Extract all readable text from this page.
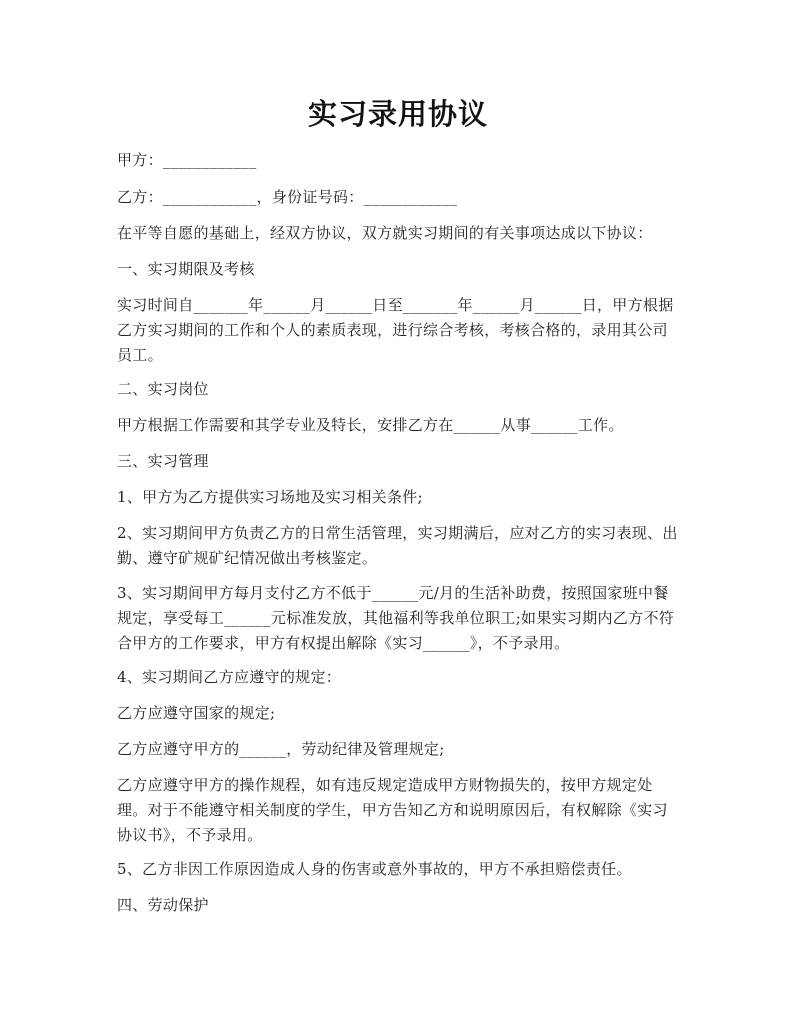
实习录用协议
甲方：____________
乙方：____________，身份证号码：____________
在平等自愿的基础上，经双方协议，双方就实习期间的有关事项达成以下协议：
一、实习期限及考核
实习时间自_______年______月______日至_______年______月______日，甲方根据乙方实习期间的工作和个人的素质表现，进行综合考核，考核合格的，录用其公司员工。
二、实习岗位
甲方根据工作需要和其学专业及特长，安排乙方在______从事______工作。
三、实习管理
1、甲方为乙方提供实习场地及实习相关条件;
2、实习期间甲方负责乙方的日常生活管理，实习期满后，应对乙方的实习表现、出勤、遵守矿规矿纪情况做出考核鉴定。
3、实习期间甲方每月支付乙方不低于______元/月的生活补助费，按照国家班中餐规定，享受每工______元标准发放，其他福利等我单位职工;如果实习期内乙方不符合甲方的工作要求，甲方有权提出解除《实习______》，不予录用。
4、实习期间乙方应遵守的规定：
乙方应遵守国家的规定;
乙方应遵守甲方的______，劳动纪律及管理规定;
乙方应遵守甲方的操作规程，如有违反规定造成甲方财物损失的，按甲方规定处理。对于不能遵守相关制度的学生，甲方告知乙方和说明原因后，有权解除《实习协议书》，不予录用。
5、乙方非因工作原因造成人身的伤害或意外事故的，甲方不承担赔偿责任。
四、劳动保护
